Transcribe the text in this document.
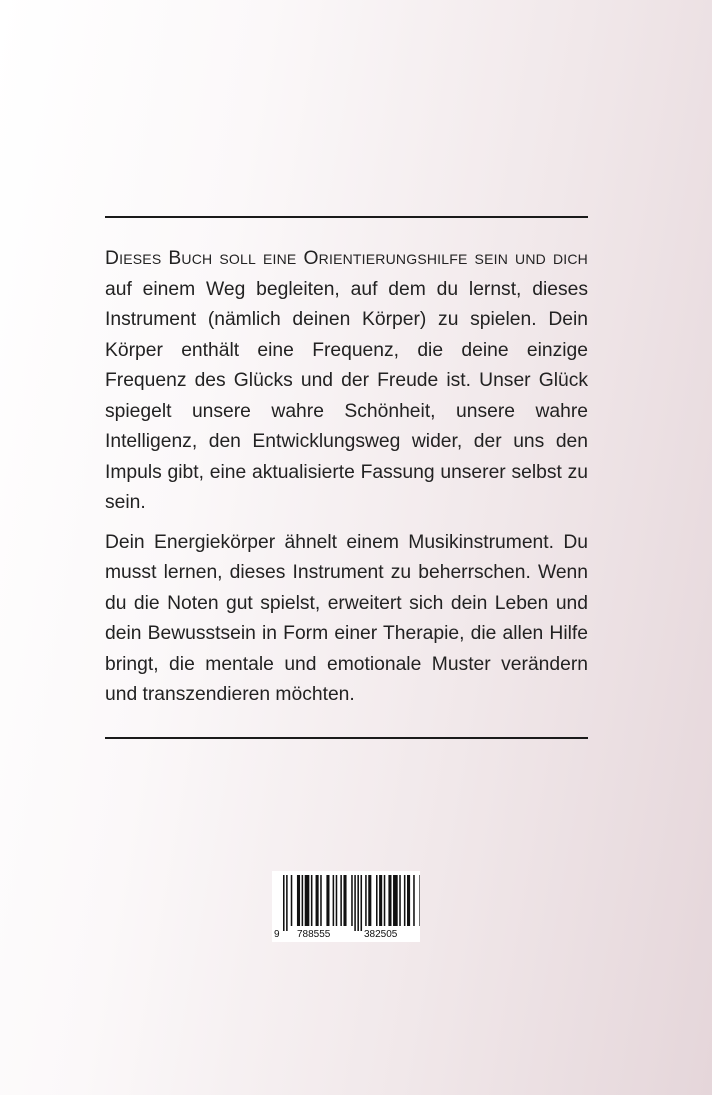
Dieses Buch soll eine Orientierungshilfe sein und dich auf einem Weg begleiten, auf dem du lernst, dieses Instrument (nämlich deinen Körper) zu spielen. Dein Körper enthält eine Frequenz, die deine einzige Frequenz des Glücks und der Freude ist. Unser Glück spiegelt unsere wahre Schönheit, unsere wahre Intelligenz, den Entwicklungsweg wider, der uns den Impuls gibt, eine aktualisierte Fassung unserer selbst zu sein.

Dein Energiekörper ähnelt einem Musikinstrument. Du musst lernen, dieses Instrument zu beherrschen. Wenn du die Noten gut spielst, erweitert sich dein Leben und dein Bewusstsein in Form einer Therapie, die allen Hilfe bringt, die mentale und emotionale Muster verändern und transzendieren möchten.

9 788555	382505
